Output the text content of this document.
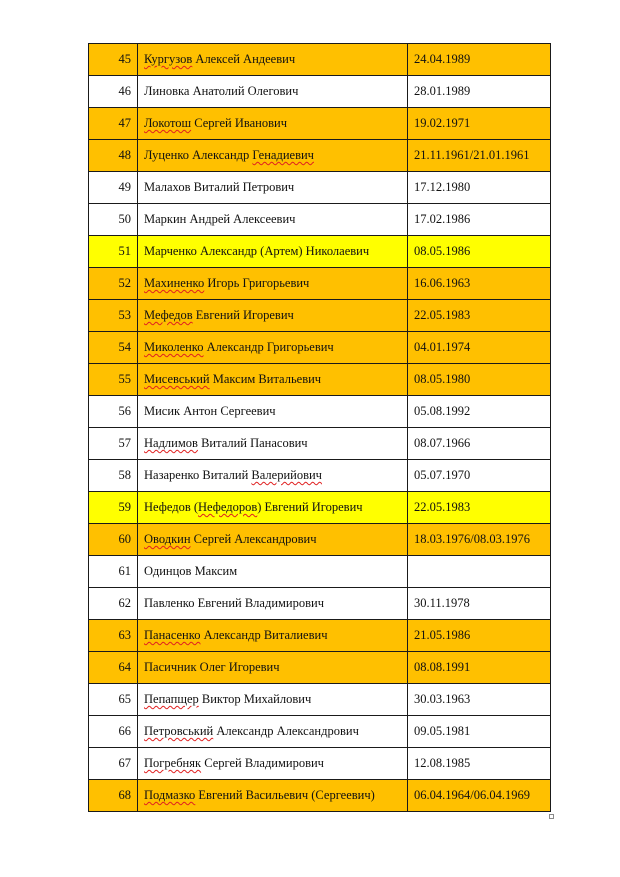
45	Кургузов Алексей Андеевич	24.04.1989
46	Линовка Анатолий Олегович	28.01.1989
47	Локотош Сергей Иванович	19.02.1971
48	Луценко Александр Генадиевич	21.11.1961/21.01.1961
49	Малахов Виталий Петрович	17.12.1980
50	Маркин Андрей Алексеевич	17.02.1986
51	Марченко Александр (Артем) Николаевич	08.05.1986
52	Махиненко Игорь Григорьевич	16.06.1963
53	Мефедов Евгений Игоревич	22.05.1983
54	Миколенко Александр Григорьевич	04.01.1974
55	Мисевський Максим Витальевич	08.05.1980
56	Мисик Антон Сергеевич	05.08.1992
57	Надлимов Виталий Панасович	08.07.1966
58	Назаренко Виталий Валерийович	05.07.1970
59	Нефедов (Нефедоров) Евгений Игоревич	22.05.1983
60	Оводкин Сергей Александрович	18.03.1976/08.03.1976
61	Одинцов Максим	
62	Павленко Евгений Владимирович	30.11.1978
63	Панасенко Александр Виталиевич	21.05.1986
64	Пасичник Олег Игоревич	08.08.1991
65	Пепапщер Виктор Михайлович	30.03.1963
66	Петровський Александр Александрович	09.05.1981
67	Погребняк Сергей Владимирович	12.08.1985
68	Подмазко Евгений Васильевич (Сергеевич)	06.04.1964/06.04.1969
